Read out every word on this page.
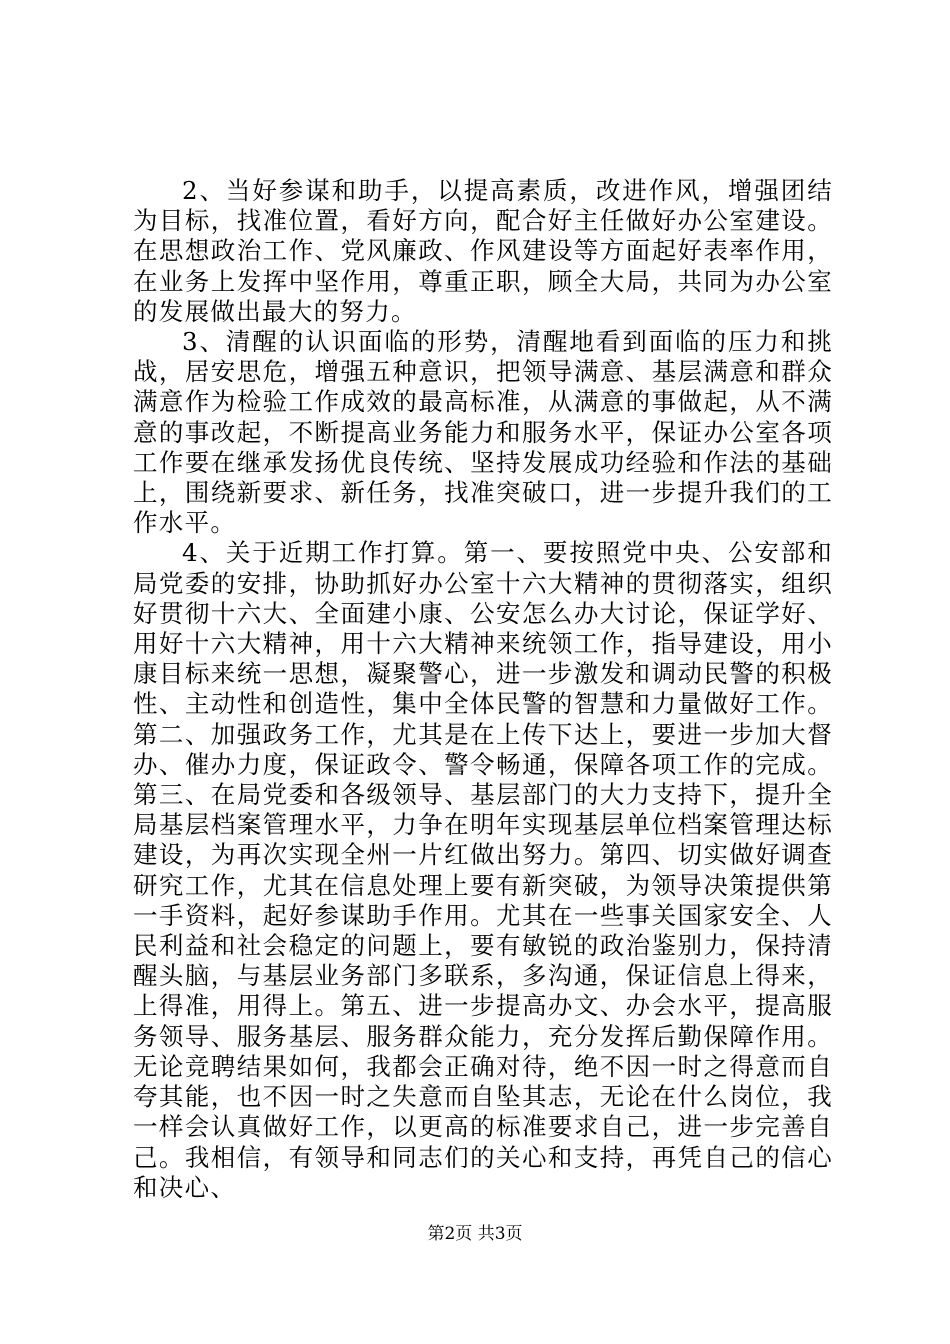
2、当好参谋和助手，以提高素质，改进作风，增强团结为目标，找准位置，看好方向，配合好主任做好办公室建设。在思想政治工作、党风廉政、作风建设等方面起好表率作用，在业务上发挥中坚作用，尊重正职，顾全大局，共同为办公室的发展做出最大的努力。

3、清醒的认识面临的形势，清醒地看到面临的压力和挑战，居安思危，增强五种意识，把领导满意、基层满意和群众满意作为检验工作成效的最高标准，从满意的事做起，从不满意的事改起，不断提高业务能力和服务水平，保证办公室各项工作要在继承发扬优良传统、坚持发展成功经验和作法的基础上，围绕新要求、新任务，找准突破口，进一步提升我们的工作水平。

4、关于近期工作打算。第一、要按照党中央、公安部和局党委的安排，协助抓好办公室十六大精神的贯彻落实，组织好贯彻十六大、全面建小康、公安怎么办大讨论，保证学好、用好十六大精神，用十六大精神来统领工作，指导建设，用小康目标来统一思想，凝聚警心，进一步激发和调动民警的积极性、主动性和创造性，集中全体民警的智慧和力量做好工作。第二、加强政务工作，尤其是在上传下达上，要进一步加大督办、催办力度，保证政令、警令畅通，保障各项工作的完成。第三、在局党委和各级领导、基层部门的大力支持下，提升全局基层档案管理水平，力争在明年实现基层单位档案管理达标建设，为再次实现全州一片红做出努力。第四、切实做好调查研究工作，尤其在信息处理上要有新突破，为领导决策提供第一手资料，起好参谋助手作用。尤其在一些事关国家安全、人民利益和社会稳定的问题上，要有敏锐的政治鉴别力，保持清醒头脑，与基层业务部门多联系，多沟通，保证信息上得来，上得准，用得上。第五、进一步提高办文、办会水平，提高服务领导、服务基层、服务群众能力，充分发挥后勤保障作用。无论竞聘结果如何，我都会正确对待，绝不因一时之得意而自夸其能，也不因一时之失意而自坠其志，无论在什么岗位，我一样会认真做好工作，以更高的标准要求自己，进一步完善自己。我相信，有领导和同志们的关心和支持，再凭自己的信心和决心、

第2页 共3页
